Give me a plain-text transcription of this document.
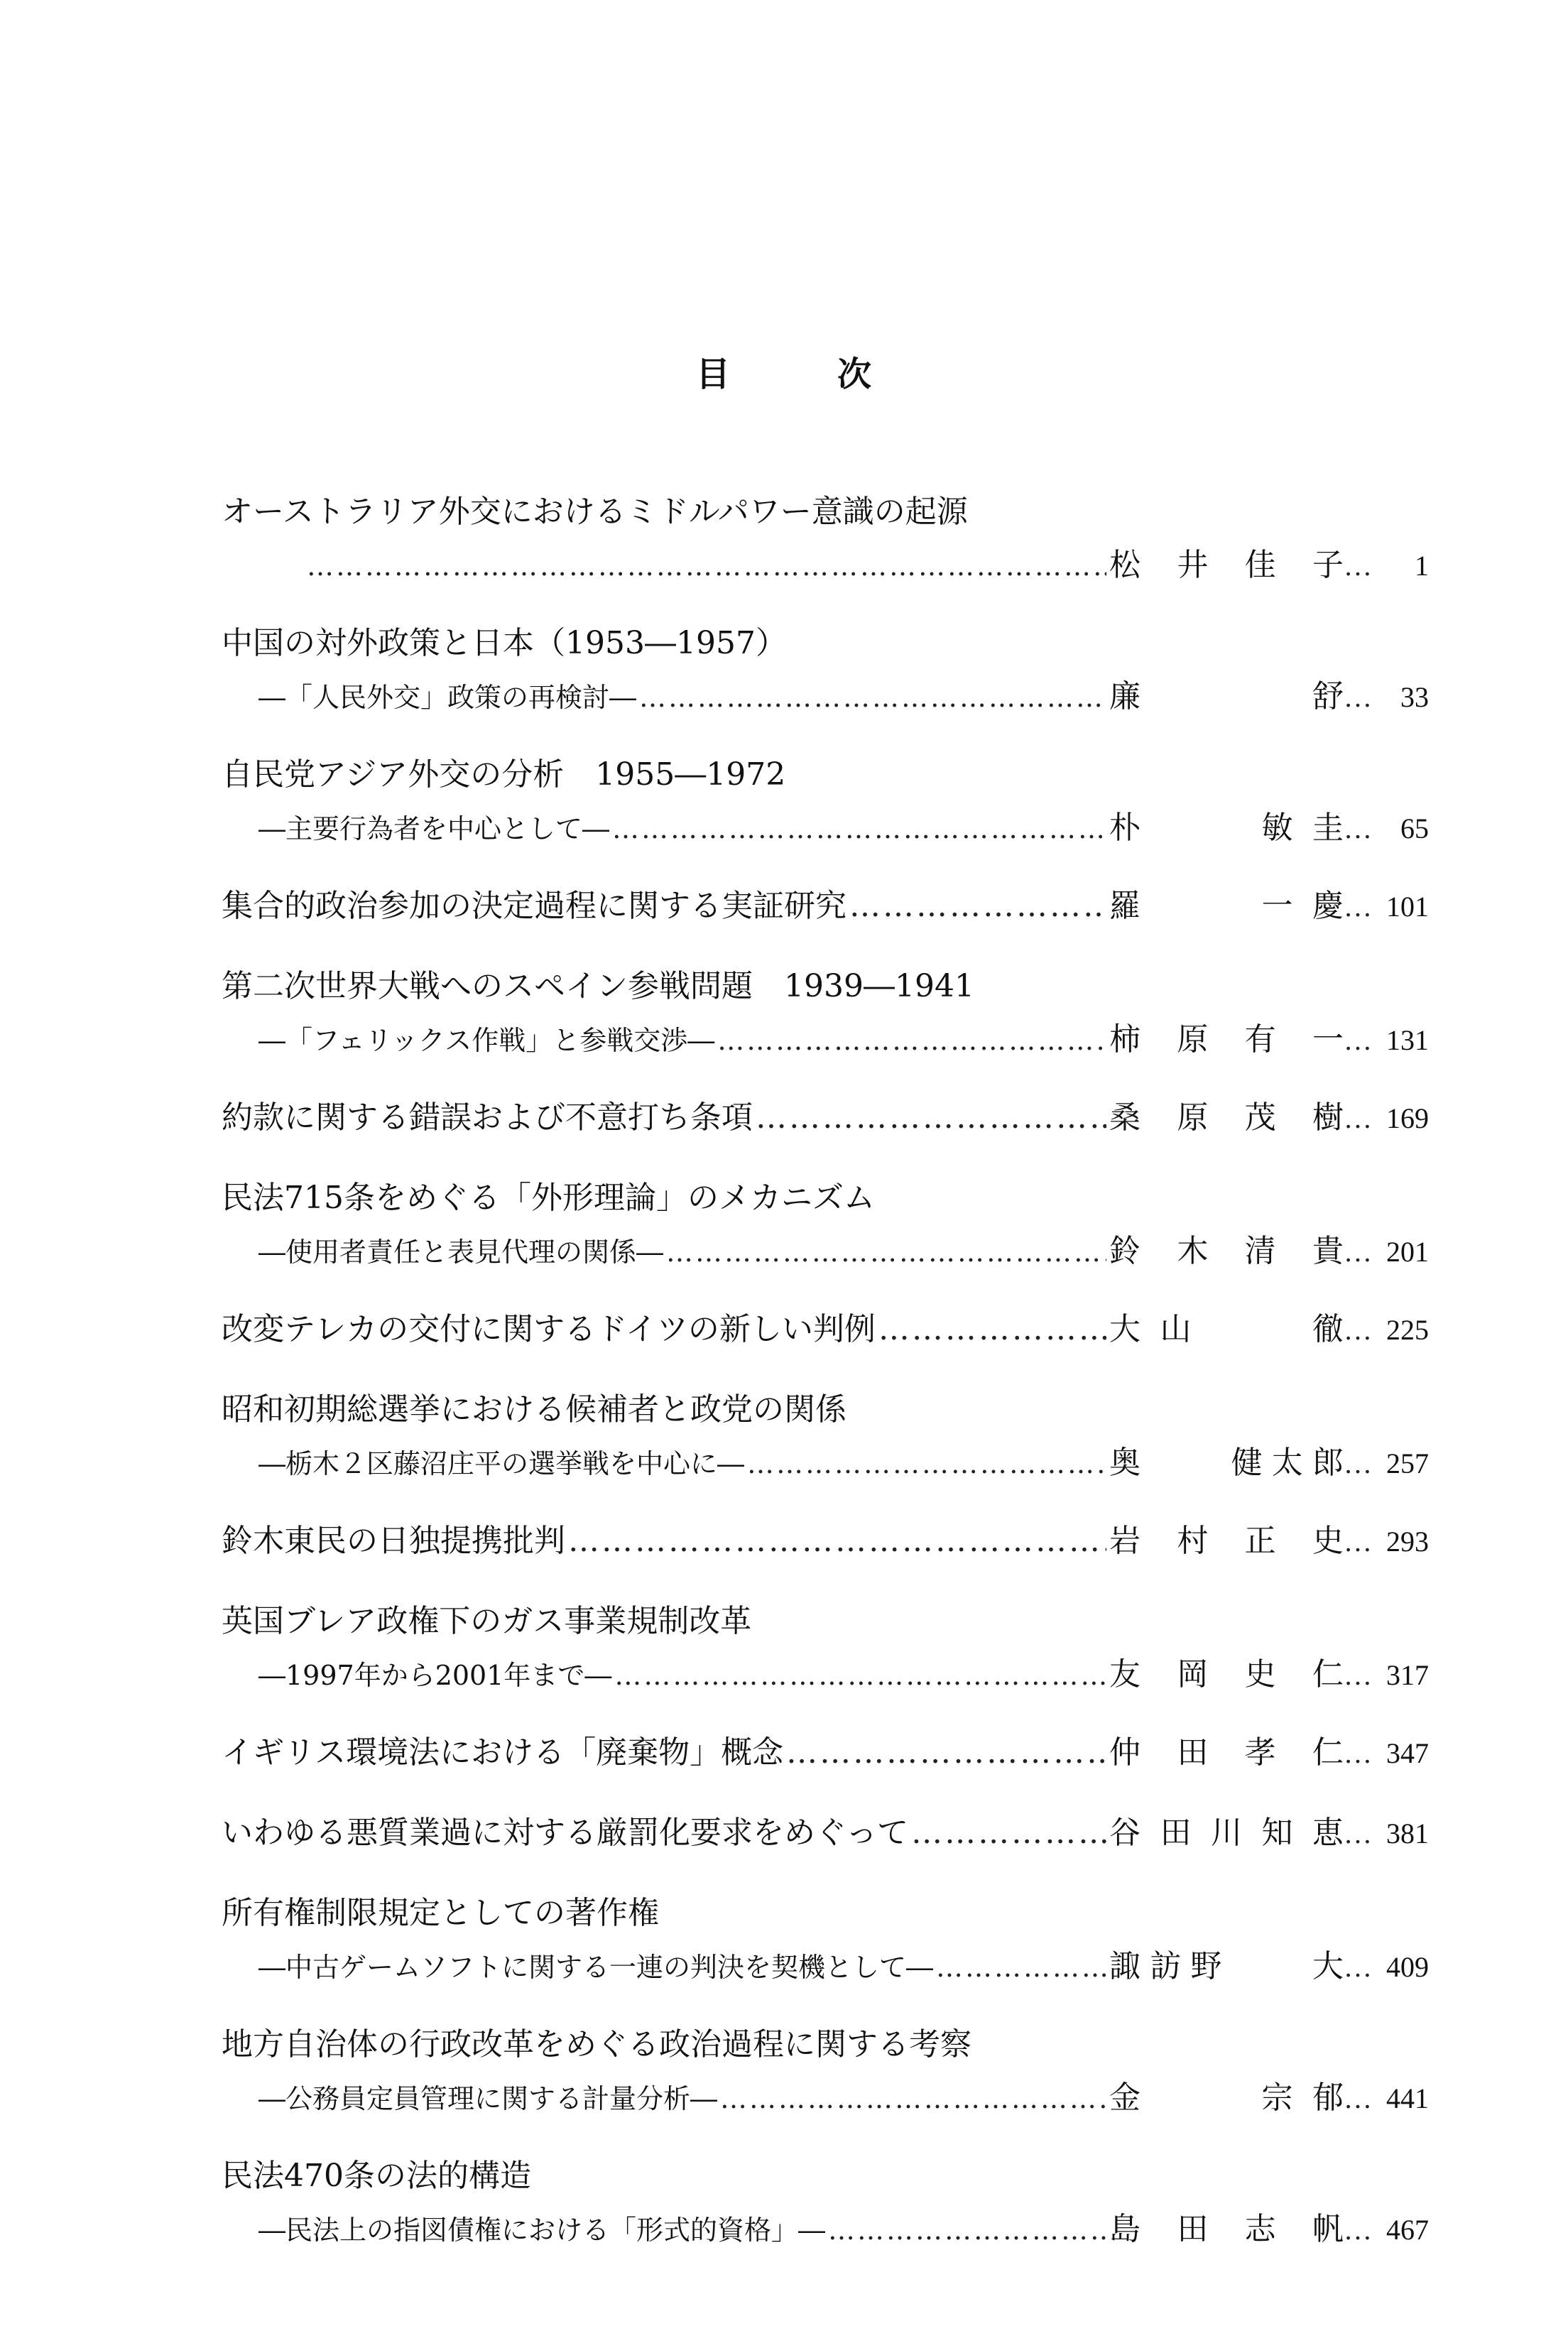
目	次
オーストラリア外交におけるミドルパワー意識の起源
……………………………………………………………………………………………………………………………………………………………………………………………………
松井佳子	… 1
中国の対外政策と日本（1953―1957）
―「人民外交」政策の再検討― ……………………………………………………………………………………………………………………………………………………………………………………………………	廉　　舒	… 33
自民党アジア外交の分析　1955―1972
―主要行為者を中心として― ……………………………………………………………………………………………………………………………………………………………………………………………………	朴　　敏圭	… 65
集合的政治参加の決定過程に関する実証研究 ……………………………………………………………………………………………………………………………………………………………………………………………………	羅　　一慶	… 101
第二次世界大戦へのスペイン参戦問題　1939―1941
―「フェリックス作戦」と参戦交渉― ……………………………………………………………………………………………………………………………………………………………………………………………………	柿原有一	… 131
約款に関する錯誤および不意打ち条項 ……………………………………………………………………………………………………………………………………………………………………………………………………	桑原茂樹	… 169
民法715条をめぐる「外形理論」のメカニズム
―使用者責任と表見代理の関係― ……………………………………………………………………………………………………………………………………………………………………………………………………	鈴木清貴	… 201
改変テレカの交付に関するドイツの新しい判例 ……………………………………………………………………………………………………………………………………………………………………………………………………	大山　　徹	… 225
昭和初期総選挙における候補者と政党の関係
―栃木２区藤沼庄平の選挙戦を中心に― ……………………………………………………………………………………………………………………………………………………………………………………………………	奥　　健太郎	… 257
鈴木東民の日独提携批判 ……………………………………………………………………………………………………………………………………………………………………………………………………	岩村正史	… 293
英国ブレア政権下のガス事業規制改革
―1997年から2001年まで― ……………………………………………………………………………………………………………………………………………………………………………………………………	友岡史仁	… 317
イギリス環境法における「廃棄物」概念 ……………………………………………………………………………………………………………………………………………………………………………………………………	仲田孝仁	… 347
いわゆる悪質業過に対する厳罰化要求をめぐって ……………………………………………………………………………………………………………………………………………………………………………………………………	谷田川知恵	… 381
所有権制限規定としての著作権
―中古ゲームソフトに関する一連の判決を契機として― ……………………………………………………………………………………………………………………………………………………………………………………………………	諏訪野　　大	… 409
地方自治体の行政改革をめぐる政治過程に関する考察
―公務員定員管理に関する計量分析― ……………………………………………………………………………………………………………………………………………………………………………………………………	金　　宗郁	… 441
民法470条の法的構造
―民法上の指図債権における「形式的資格」― ……………………………………………………………………………………………………………………………………………………………………………………………………	島田志帆	… 467
